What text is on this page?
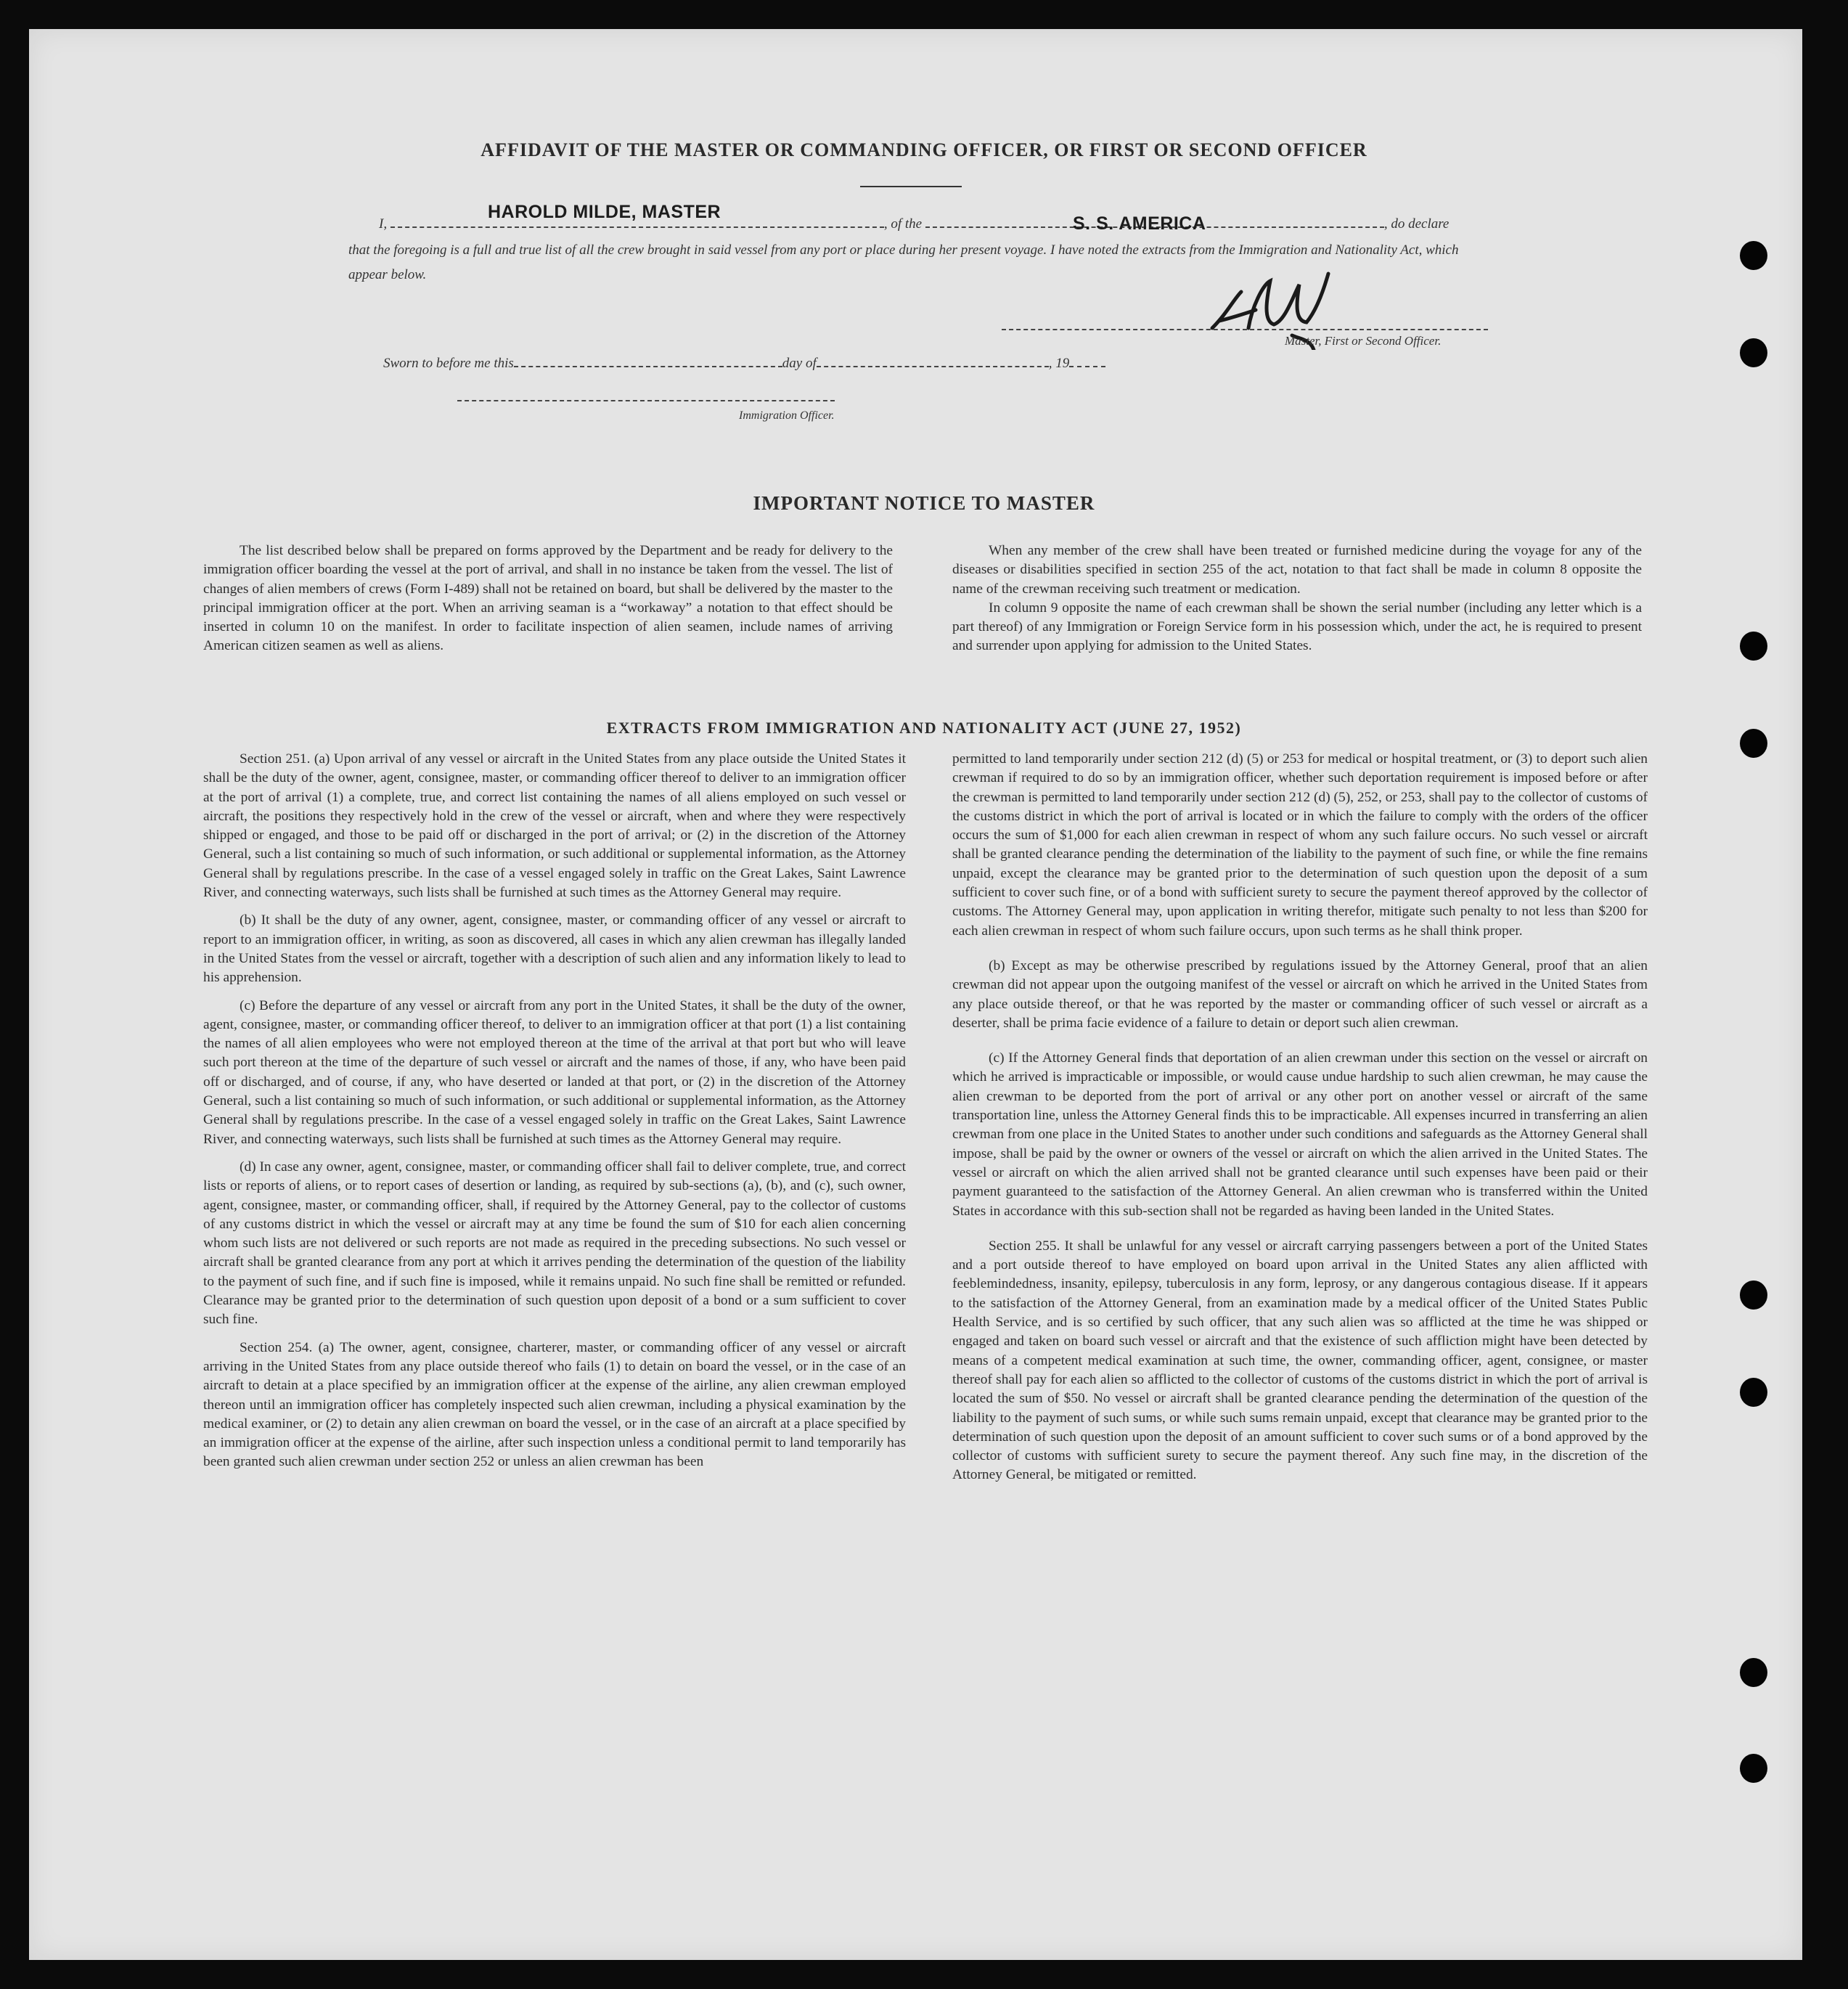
AFFIDAVIT OF THE MASTER OR COMMANDING OFFICER, OR FIRST OR SECOND OFFICER
I,	, of the	, do declare
HAROLD MILDE, MASTER
S. S. AMERICA
that the foregoing is a full and true list of all the crew brought in said vessel from any port or place during her present voyage. I have noted the extracts from the Immigration and Nationality Act, which appear below.
Master, First or Second Officer.
Sworn to before me this	day of	, 19
Immigration Officer.
IMPORTANT NOTICE TO MASTER

The list described below shall be prepared on forms approved by the Department and be ready for delivery to the immigration officer boarding the vessel at the port of arrival, and shall in no instance be taken from the vessel. The list of changes of alien members of crews (Form I-489) shall not be retained on board, but shall be delivered by the master to the principal immigration officer at the port. When an arriving seaman is a “workaway” a notation to that effect should be inserted in column 10 on the manifest. In order to facilitate inspection of alien seamen, include names of arriving American citizen seamen as well as aliens.

When any member of the crew shall have been treated or furnished medicine during the voyage for any of the diseases or disabilities specified in section 255 of the act, notation to that fact shall be made in column 8 opposite the name of the crewman receiving such treatment or medication.

In column 9 opposite the name of each crewman shall be shown the serial number (including any letter which is a part thereof) of any Immigration or Foreign Service form in his possession which, under the act, he is required to present and surrender upon applying for admission to the United States.

EXTRACTS FROM IMMIGRATION AND NATIONALITY ACT (JUNE 27, 1952)

Section 251. (a) Upon arrival of any vessel or aircraft in the United States from any place outside the United States it shall be the duty of the owner, agent, consignee, master, or commanding officer thereof to deliver to an immigration officer at the port of arrival (1) a complete, true, and correct list containing the names of all aliens employed on such vessel or aircraft, the positions they respectively hold in the crew of the vessel or aircraft, when and where they were respectively shipped or engaged, and those to be paid off or discharged in the port of arrival; or (2) in the discretion of the Attorney General, such a list containing so much of such information, or such additional or supplemental information, as the Attorney General shall by regulations prescribe. In the case of a vessel engaged solely in traffic on the Great Lakes, Saint Lawrence River, and connecting waterways, such lists shall be furnished at such times as the Attorney General may require.

(b) It shall be the duty of any owner, agent, consignee, master, or commanding officer of any vessel or aircraft to report to an immigration officer, in writing, as soon as discovered, all cases in which any alien crewman has illegally landed in the United States from the vessel or aircraft, together with a description of such alien and any information likely to lead to his apprehension.

(c) Before the departure of any vessel or aircraft from any port in the United States, it shall be the duty of the owner, agent, consignee, master, or commanding officer thereof, to deliver to an immigration officer at that port (1) a list containing the names of all alien employees who were not employed thereon at the time of the arrival at that port but who will leave such port thereon at the time of the departure of such vessel or aircraft and the names of those, if any, who have been paid off or discharged, and of course, if any, who have deserted or landed at that port, or (2) in the discretion of the Attorney General, such a list containing so much of such information, or such additional or supplemental information, as the Attorney General shall by regulations prescribe. In the case of a vessel engaged solely in traffic on the Great Lakes, Saint Lawrence River, and connecting waterways, such lists shall be furnished at such times as the Attorney General may require.

(d) In case any owner, agent, consignee, master, or commanding officer shall fail to deliver complete, true, and correct lists or reports of aliens, or to report cases of desertion or landing, as required by sub-sections (a), (b), and (c), such owner, agent, consignee, master, or commanding officer, shall, if required by the Attorney General, pay to the collector of customs of any customs district in which the vessel or aircraft may at any time be found the sum of $10 for each alien concerning whom such lists are not delivered or such reports are not made as required in the preceding subsections. No such vessel or aircraft shall be granted clearance from any port at which it arrives pending the determination of the question of the liability to the payment of such fine, and if such fine is imposed, while it remains unpaid. No such fine shall be remitted or refunded. Clearance may be granted prior to the determination of such question upon deposit of a bond or a sum sufficient to cover such fine.

Section 254. (a) The owner, agent, consignee, charterer, master, or commanding officer of any vessel or aircraft arriving in the United States from any place outside thereof who fails (1) to detain on board the vessel, or in the case of an aircraft to detain at a place specified by an immigration officer at the expense of the airline, any alien crewman employed thereon until an immigration officer has completely inspected such alien crewman, including a physical examination by the medical examiner, or (2) to detain any alien crewman on board the vessel, or in the case of an aircraft at a place specified by an immigration officer at the expense of the airline, after such inspection unless a conditional permit to land temporarily has been granted such alien crewman under section 252 or unless an alien crewman has been

permitted to land temporarily under section 212 (d) (5) or 253 for medical or hospital treatment, or (3) to deport such alien crewman if required to do so by an immigration officer, whether such deportation requirement is imposed before or after the crewman is permitted to land temporarily under section 212 (d) (5), 252, or 253, shall pay to the collector of customs of the customs district in which the port of arrival is located or in which the failure to comply with the orders of the officer occurs the sum of $1,000 for each alien crewman in respect of whom any such failure occurs. No such vessel or aircraft shall be granted clearance pending the determination of the liability to the payment of such fine, or while the fine remains unpaid, except the clearance may be granted prior to the determination of such question upon the deposit of a sum sufficient to cover such fine, or of a bond with sufficient surety to secure the payment thereof approved by the collector of customs. The Attorney General may, upon application in writing therefor, mitigate such penalty to not less than $200 for each alien crewman in respect of whom such failure occurs, upon such terms as he shall think proper.

(b) Except as may be otherwise prescribed by regulations issued by the Attorney General, proof that an alien crewman did not appear upon the outgoing manifest of the vessel or aircraft on which he arrived in the United States from any place outside thereof, or that he was reported by the master or commanding officer of such vessel or aircraft as a deserter, shall be prima facie evidence of a failure to detain or deport such alien crewman.

(c) If the Attorney General finds that deportation of an alien crewman under this section on the vessel or aircraft on which he arrived is impracticable or impossible, or would cause undue hardship to such alien crewman, he may cause the alien crewman to be deported from the port of arrival or any other port on another vessel or aircraft of the same transportation line, unless the Attorney General finds this to be impracticable. All expenses incurred in transferring an alien crewman from one place in the United States to another under such conditions and safeguards as the Attorney General shall impose, shall be paid by the owner or owners of the vessel or aircraft on which the alien arrived in the United States. The vessel or aircraft on which the alien arrived shall not be granted clearance until such expenses have been paid or their payment guaranteed to the satisfaction of the Attorney General. An alien crewman who is transferred within the United States in accordance with this sub-section shall not be regarded as having been landed in the United States.

Section 255. It shall be unlawful for any vessel or aircraft carrying passengers between a port of the United States and a port outside thereof to have employed on board upon arrival in the United States any alien afflicted with feeblemindedness, insanity, epilepsy, tuberculosis in any form, leprosy, or any dangerous contagious disease. If it appears to the satisfaction of the Attorney General, from an examination made by a medical officer of the United States Public Health Service, and is so certified by such officer, that any such alien was so afflicted at the time he was shipped or engaged and taken on board such vessel or aircraft and that the existence of such affliction might have been detected by means of a competent medical examination at such time, the owner, commanding officer, agent, consignee, or master thereof shall pay for each alien so afflicted to the collector of customs of the customs district in which the port of arrival is located the sum of $50. No vessel or aircraft shall be granted clearance pending the determination of the question of the liability to the payment of such sums, or while such sums remain unpaid, except that clearance may be granted prior to the determination of such question upon the deposit of an amount sufficient to cover such sums or of a bond approved by the collector of customs with sufficient surety to secure the payment thereof. Any such fine may, in the discretion of the Attorney General, be mitigated or remitted.
